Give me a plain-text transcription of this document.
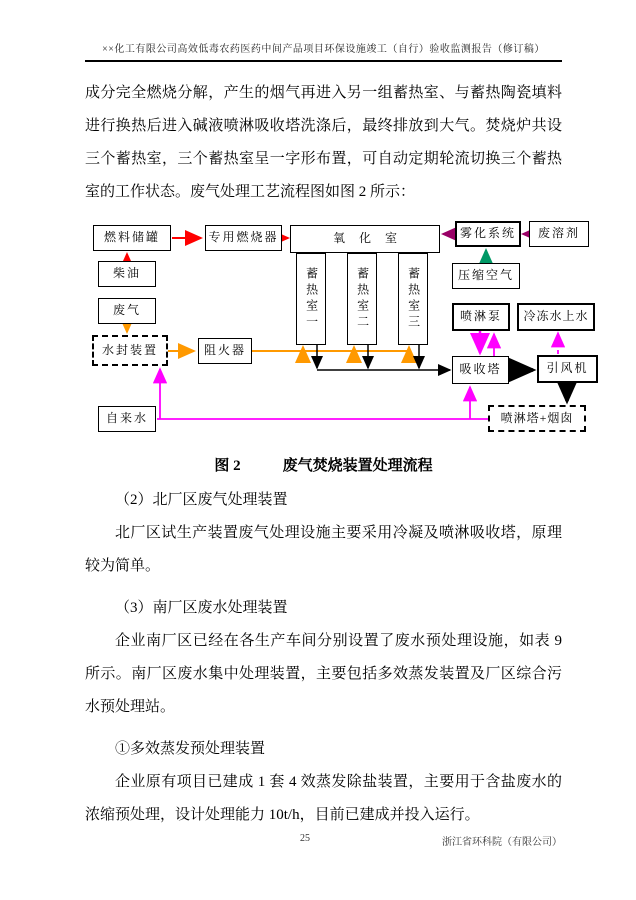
××化工有限公司高效低毒农药医药中间产品项目环保设施竣工（自行）验收监测报告（修订稿）

成分完全燃烧分解，产生的烟气再进入另一组蓄热室、与蓄热陶瓷填料进行换热后进入碱液喷淋吸收塔洗涤后，最终排放到大气。焚烧炉共设三个蓄热室，三个蓄热室呈一字形布置，可自动定期轮流切换三个蓄热室的工作状态。废气处理工艺流程图如图 2 所示：

燃料储罐	专用燃烧器	氧化室
蓄热室一	蓄热室二	蓄热室三
柴油
废气
水封装置	阻火器
自来水
雾化系统	废溶剂
压缩空气
喷淋泵	冷冻水上水
吸收塔	引风机
喷淋塔+烟囱
图 2	废气焚烧装置处理流程

（2）北厂区废气处理装置

北厂区试生产装置废气处理设施主要采用冷凝及喷淋吸收塔，原理较为简单。

（3）南厂区废水处理装置

企业南厂区已经在各生产车间分别设置了废水预处理设施，如表 9 所示。南厂区废水集中处理装置，主要包括多效蒸发装置及厂区综合污水预处理站。

①多效蒸发预处理装置

企业原有项目已建成 1 套 4 效蒸发除盐装置，主要用于含盐废水的浓缩预处理，设计处理能力 10t/h，目前已建成并投入运行。

25	浙江省环科院（有限公司）
